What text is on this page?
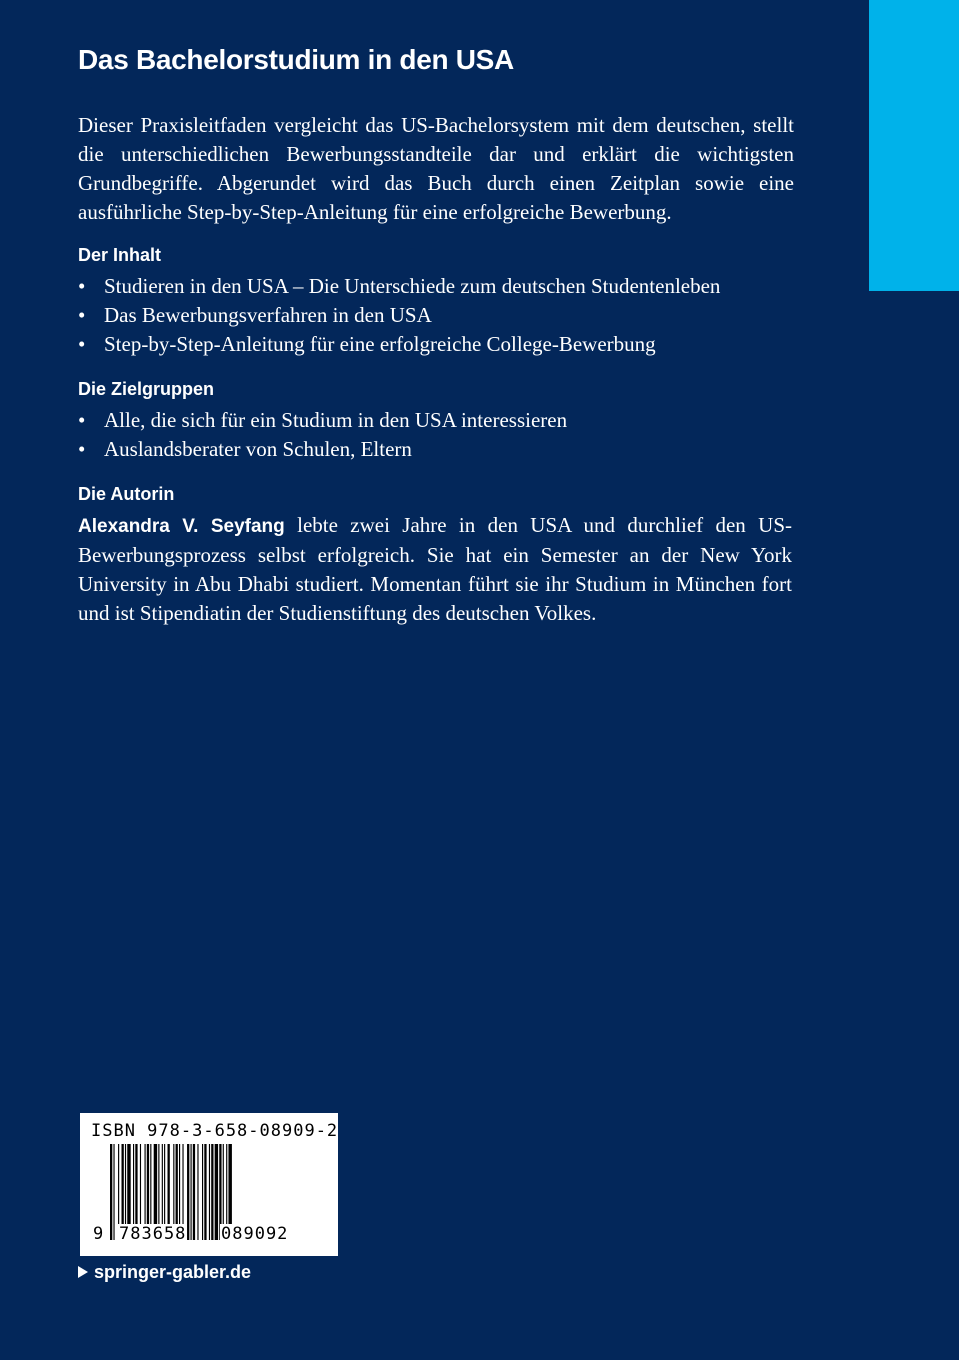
Das Bachelorstudium in den USA

Dieser Praxisleitfaden vergleicht das US-Bachelorsystem mit dem deutschen, stellt die unterschiedlichen Bewerbungsstandteile dar und erklärt die wichtigsten Grundbegriffe. Abgerundet wird das Buch durch einen Zeitplan sowie eine ausführliche Step-by-Step-Anleitung für eine erfolgreiche Bewerbung.

Der Inhalt
• Studieren in den USA – Die Unterschiede zum deutschen Studentenleben
• Das Bewerbungsverfahren in den USA
• Step-by-Step-Anleitung für eine erfolgreiche College-Bewerbung
Die Zielgruppen
• Alle, die sich für ein Studium in den USA interessieren
• Auslandsberater von Schulen, Eltern
Die Autorin

Alexandra V. Seyfang lebte zwei Jahre in den USA und durchlief den US-Bewerbungsprozess selbst erfolgreich. Sie hat ein Semester an der New York University in Abu Dhabi studiert. Momentan führt sie ihr Studium in München fort und ist Stipendiatin der Studienstiftung des deutschen Volkes.

ISBN 978-3-658-08909-2
9 783658 089092
springer-gabler.de
